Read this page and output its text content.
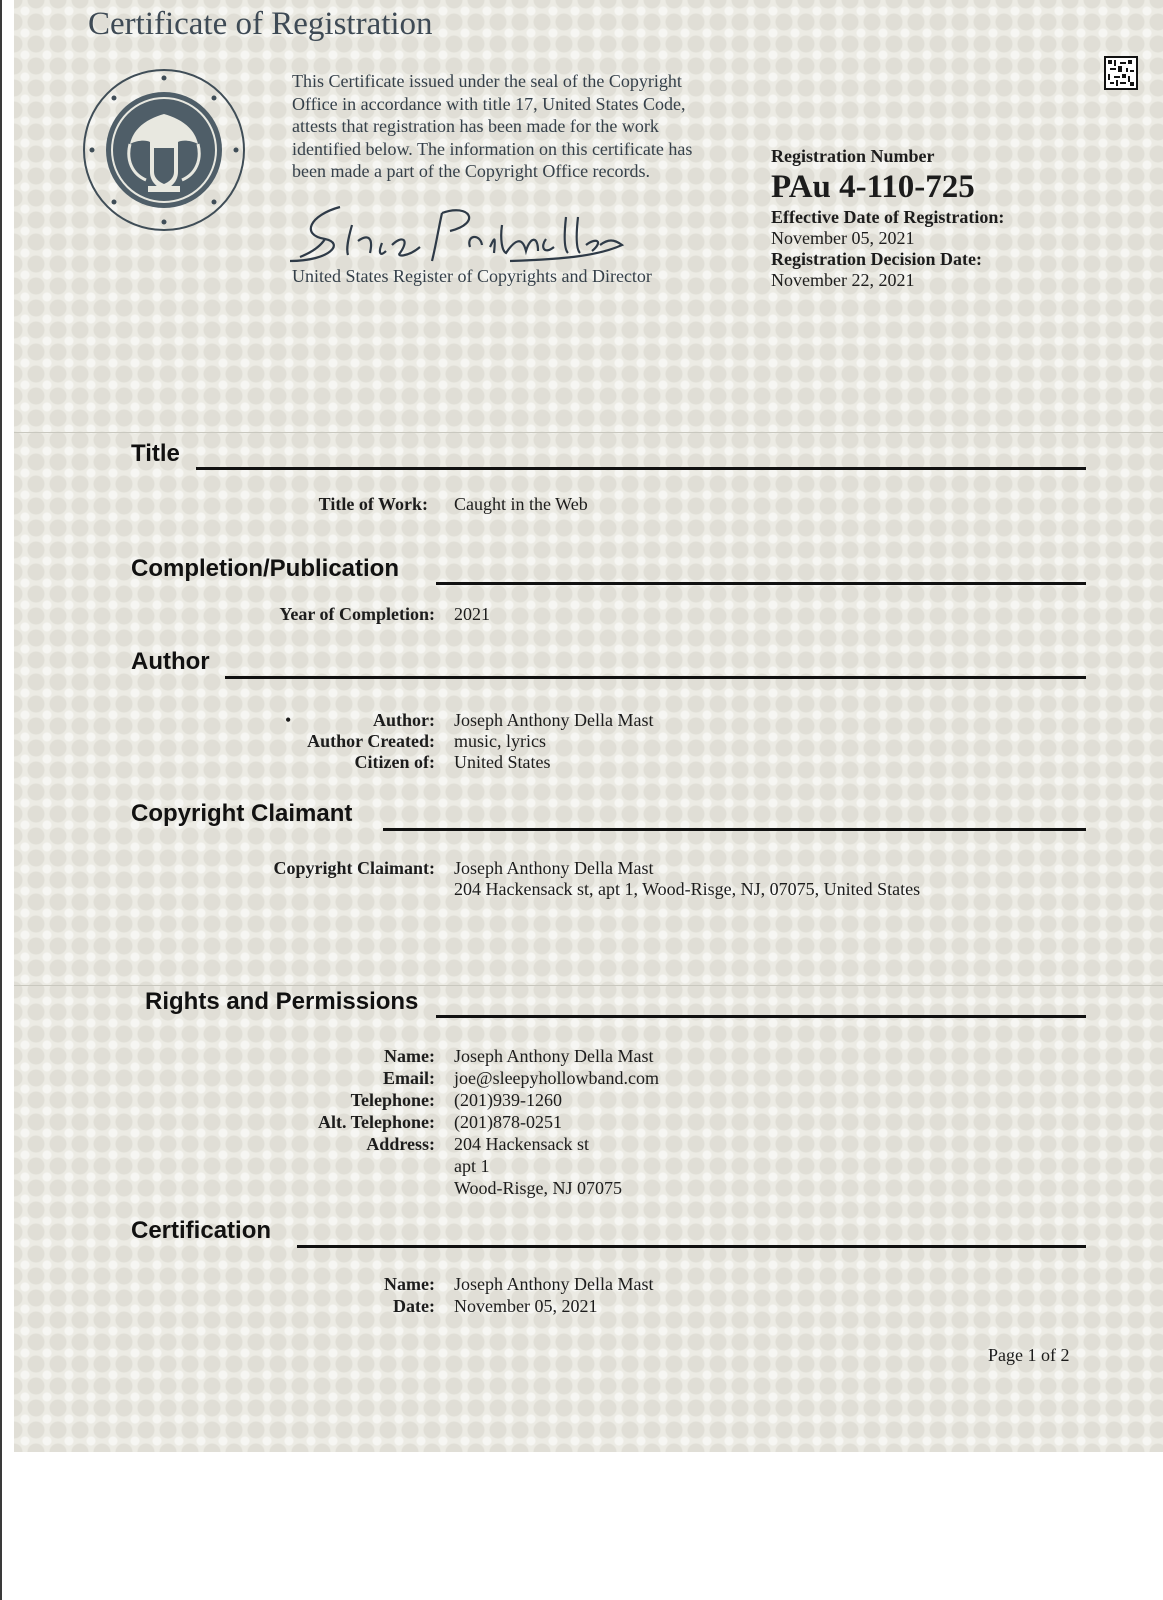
Certificate of Registration
This Certificate issued under the seal of the Copyright
Office in accordance with title 17, United States Code,
attests that registration has been made for the work
identified below. The information on this certificate has
been made a part of the Copyright Office records.
United States Register of Copyrights and Director
Registration Number
PAu 4-110-725
Effective Date of Registration:
November 05, 2021
Registration Decision Date:
November 22, 2021
Title
Title of Work: Caught in the Web
Completion/Publication
Year of Completion: 2021
Author
•	Author: Joseph Anthony Della Mast
Author Created: music, lyrics
Citizen of: United States
Copyright Claimant
Copyright Claimant: Joseph Anthony Della Mast
204 Hackensack st, apt 1, Wood-Risge, NJ, 07075, United States
Rights and Permissions
Name: Joseph Anthony Della Mast
Email: joe@sleepyhollowband.com
Telephone: (201)939-1260
Alt. Telephone: (201)878-0251
Address: 204 Hackensack st
apt 1
Wood-Risge, NJ 07075
Certification
Name: Joseph Anthony Della Mast
Date: November 05, 2021
Page 1 of 2
